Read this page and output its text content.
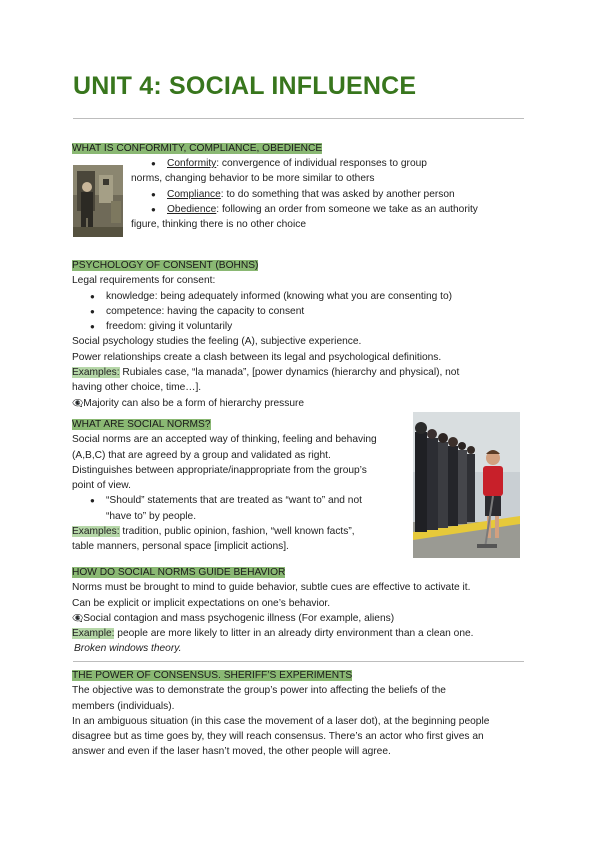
UNIT 4: SOCIAL INFLUENCE

WHAT IS CONFORMITY, COMPLIANCE, OBEDIENCE

● Conformity: convergence of individual responses to group

norms, changing behavior to be more similar to others

● Compliance: to do something that was asked by another person
● Obedience: following an order from someone we take as an authority

figure, thinking there is no other choice

PSYCHOLOGY OF CONSENT (BOHNS)

Legal requirements for consent:

● knowledge: being adequately informed (knowing what you are consenting to)
● competence: having the capacity to consent
● freedom: giving it voluntarily

Social psychology studies the feeling (A), subjective experience.

Power relationships create a clash between its legal and psychological definitions.

Examples: Rubiales case, “la manada”, [power dynamics (hierarchy and physical), not

having other choice, time…].

👁‍🗨Majority can also be a form of hierarchy pressure

WHAT ARE SOCIAL NORMS?

Social norms are an accepted way of thinking, feeling and behaving

(A,B,C) that are agreed by a group and validated as right.

Distinguishes between appropriate/inappropriate from the group’s

point of view.

● “Should” statements that are treated as “want to” and not

“have to” by people.

Examples: tradition, public opinion, fashion, “well known facts”,

table manners, personal space [implicit actions].

HOW DO SOCIAL NORMS GUIDE BEHAVIOR

Norms must be brought to mind to guide behavior, subtle cues are effective to activate it.

Can be explicit or implicit expectations on one’s behavior.

👁‍🗨Social contagion and mass psychogenic illness (For example, aliens)

Example: people are more likely to litter in an already dirty environment than a clean one.

Broken windows theory.

THE POWER OF CONSENSUS. SHERIFF’S EXPERIMENTS

The objective was to demonstrate the group’s power into affecting the beliefs of the

members (individuals).

In an ambiguous situation (in this case the movement of a laser dot), at the beginning people

disagree but as time goes by, they will reach consensus. There’s an actor who first gives an

answer and even if the laser hasn’t moved, the other people will agree.
